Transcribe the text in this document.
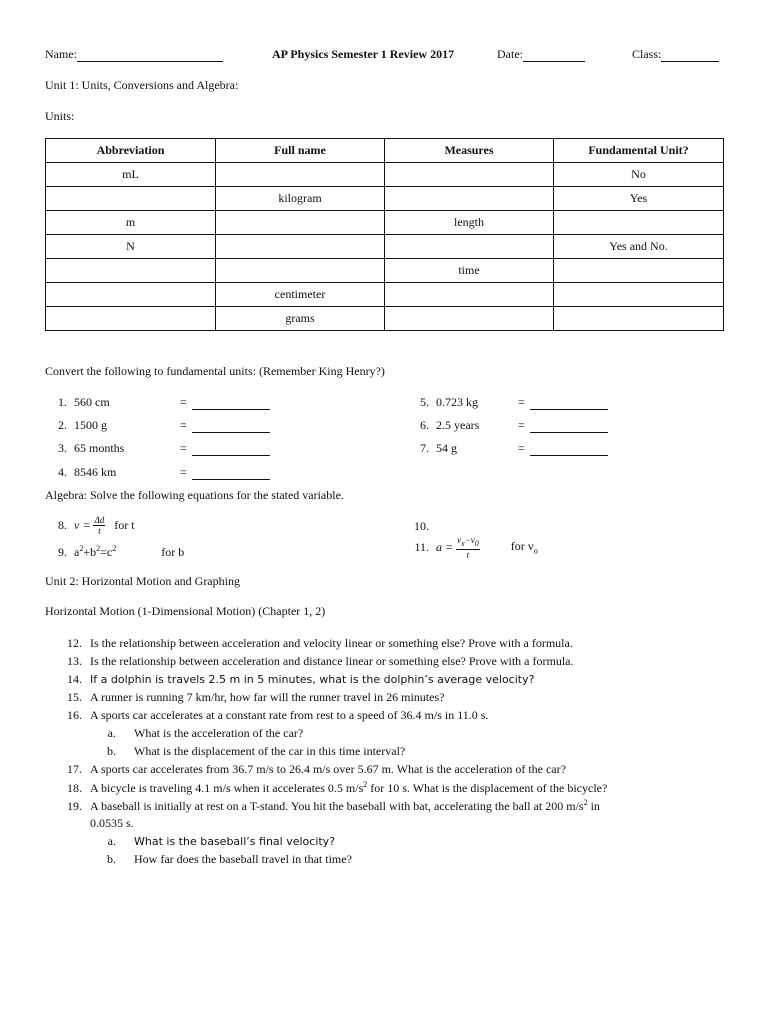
Name:	AP Physics Semester 1 Review 2017	Date:	Class:
Unit 1: Units, Conversions and Algebra:
Units:
Abbreviation	Full name	Measures	Fundamental Unit?
mL			No
	kilogram		Yes
m		length	
N			Yes and No.
		time	
	centimeter		
	grams		
Convert the following to fundamental units: (Remember King Henry?)
1. 560 cm	=
2. 1500 g	=
3. 65 months	=
4. 8546 km	=
5. 0.723 kg	=
6. 2.5 years	=
7. 54 g	=
Algebra: Solve the following equations for the stated variable.
8. $v = \frac{\Delta d}{t}$ for t
9. $a^2+b^2=c^2$	for b
10.
11. $a = \frac{vx-v0}{t}$	for $v_o$
Unit 2: Horizontal Motion and Graphing
Horizontal Motion (1-Dimensional Motion) (Chapter 1, 2)
12. Is the relationship between acceleration and velocity linear or something else? Prove with a formula.
13. Is the relationship between acceleration and distance linear or something else? Prove with a formula.
14. If a dolphin is travels 2.5 m in 5 minutes, what is the dolphin’s average velocity?
15. A runner is running 7 km/hr, how far will the runner travel in 26 minutes?
16. A sports car accelerates at a constant rate from rest to a speed of 36.4 m/s in 11.0 s.
a. What is the acceleration of the car?
b. What is the displacement of the car in this time interval?
17. A sports car accelerates from 36.7 m/s to 26.4 m/s over 5.67 m. What is the acceleration of the car?
18. A bicycle is traveling 4.1 m/s when it accelerates 0.5 $m/s^2$ for 10 s. What is the displacement of the bicycle?
19. A baseball is initially at rest on a T-stand. You hit the baseball with bat, accelerating the ball at 200 $m/s^2$ in
0.0535 s.
a. What is the baseball’s final velocity?
b. How far does the baseball travel in that time?
